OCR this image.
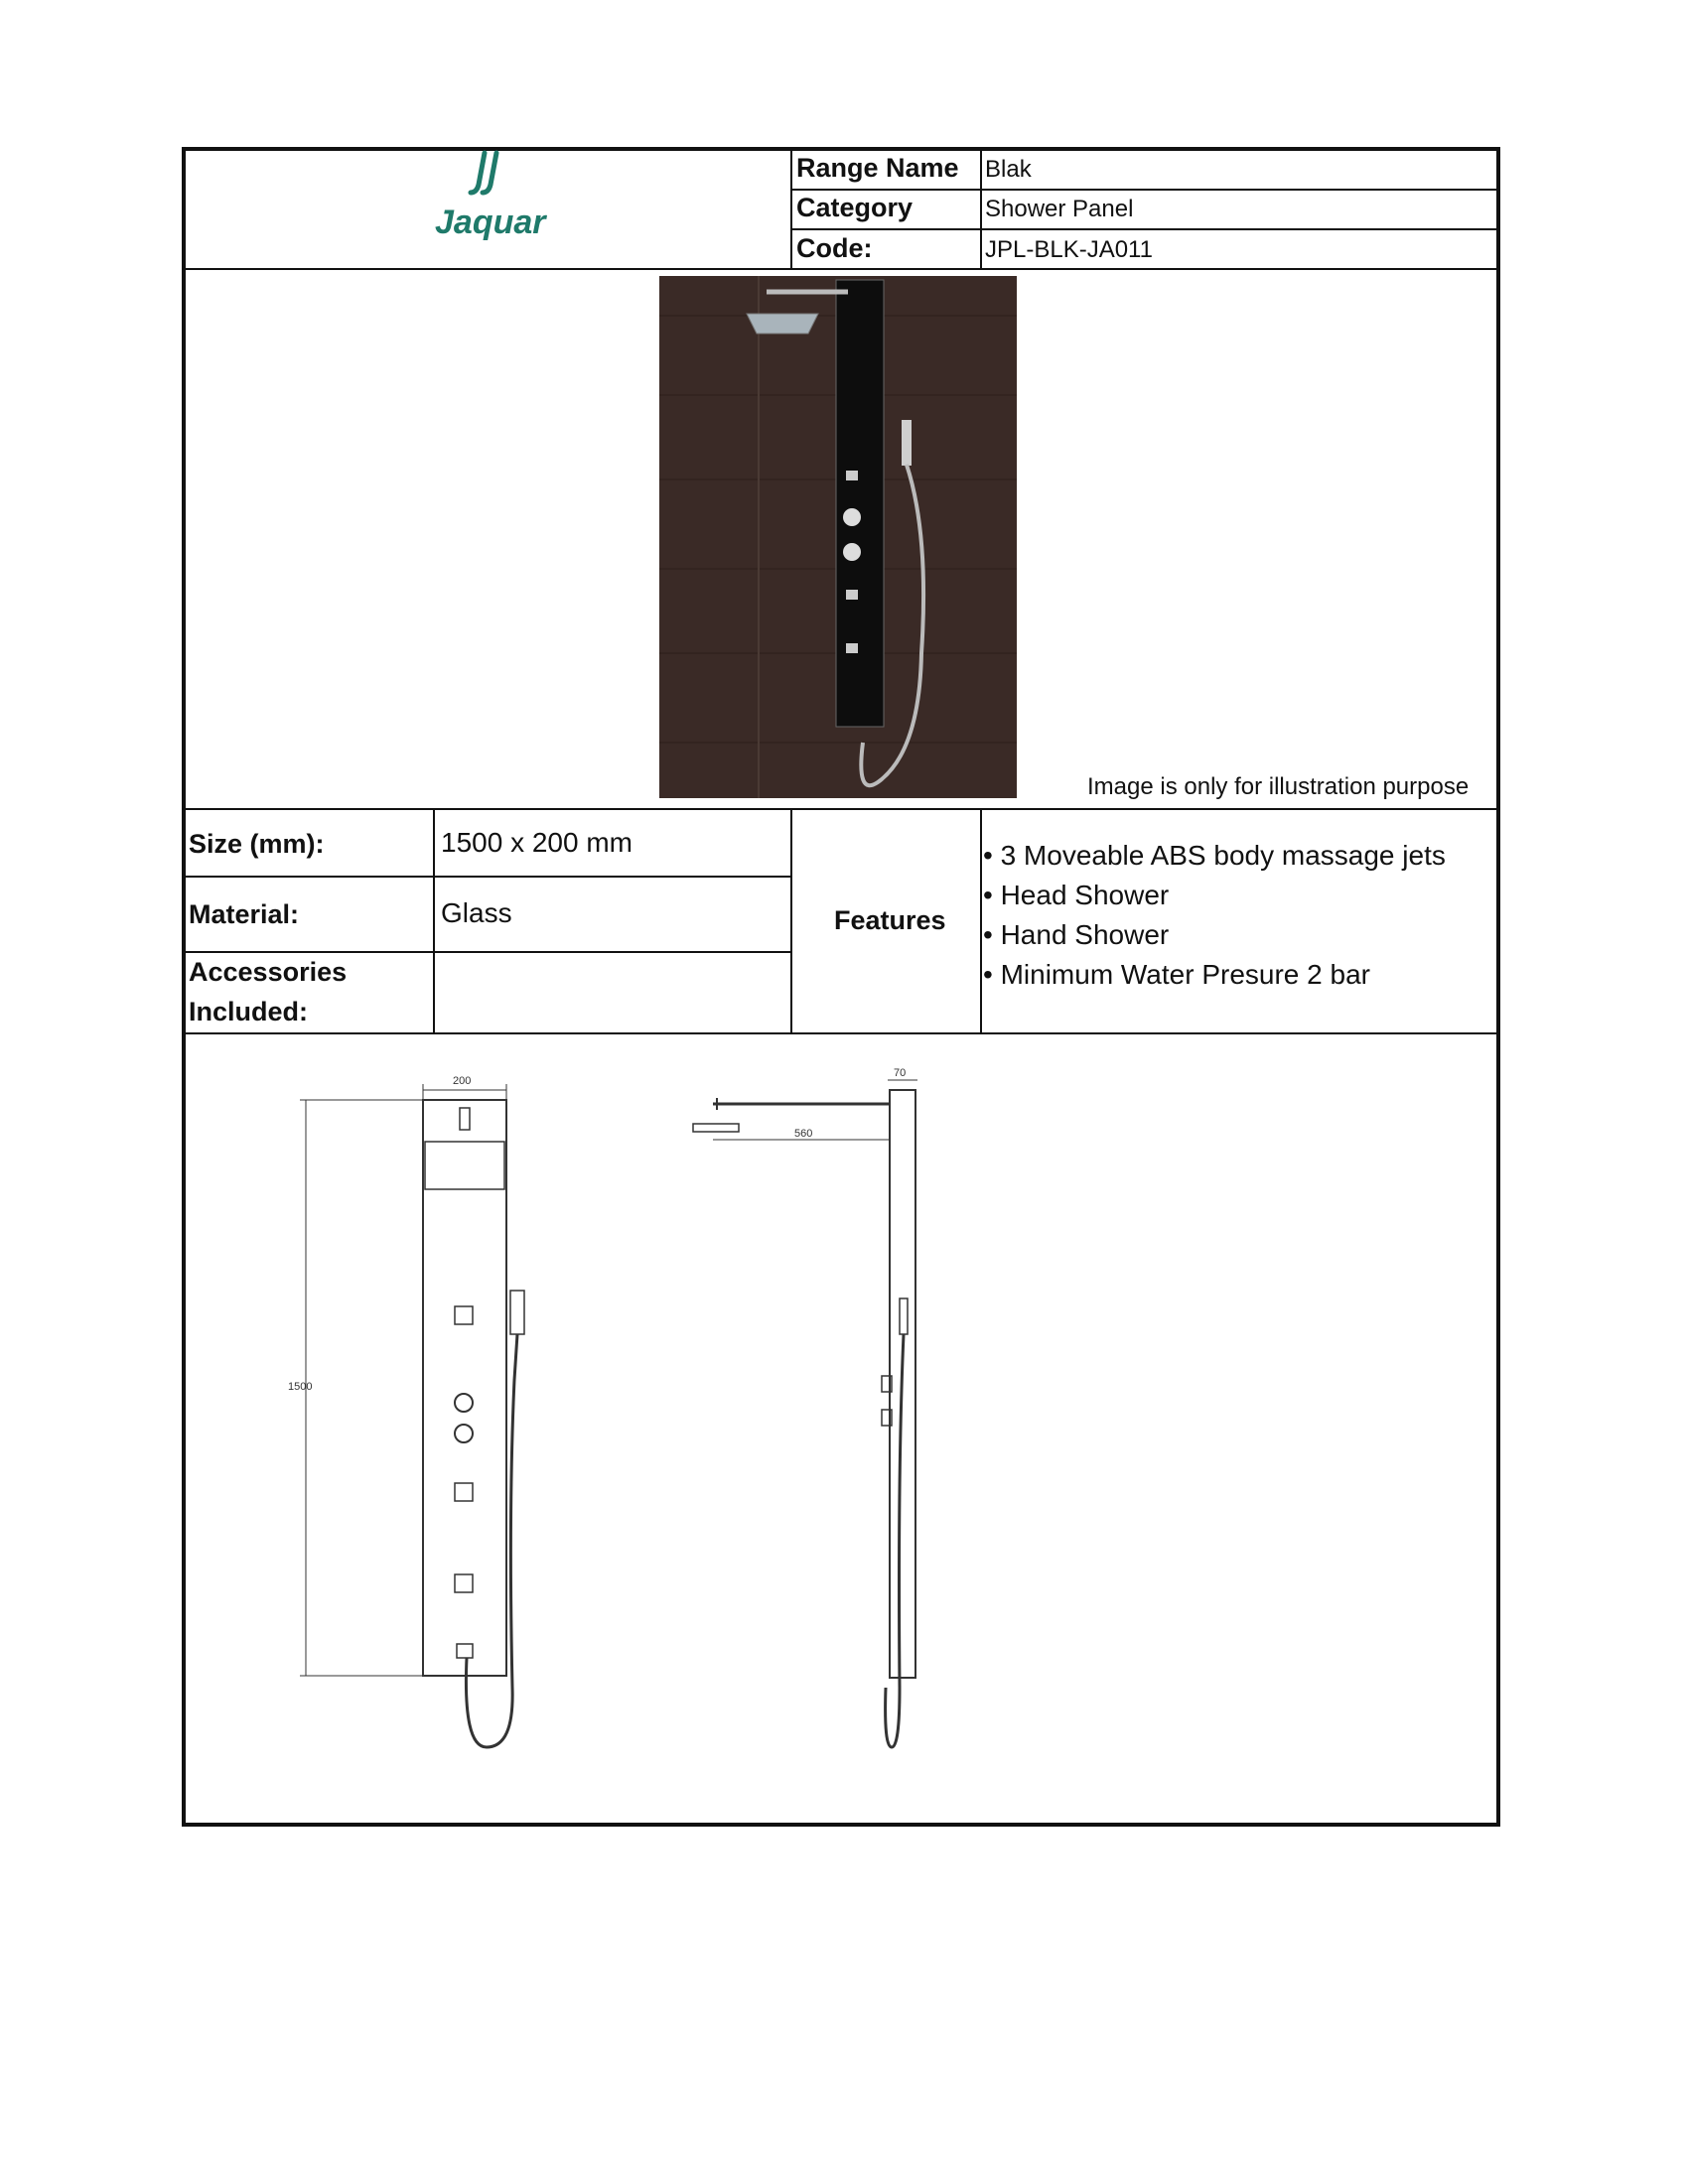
Jaquar
Range Name Blak
Category	Shower Panel
Code:	JPL-BLK-JA011
Image is only for illustration purpose
Size (mm):	1500 x 200 mm
Material:	Glass
Accessories
Included:
Features
• 3 Moveable ABS body massage jets
• Head Shower
• Hand Shower
• Minimum Water Presure 2 bar
200
1500
70
560
